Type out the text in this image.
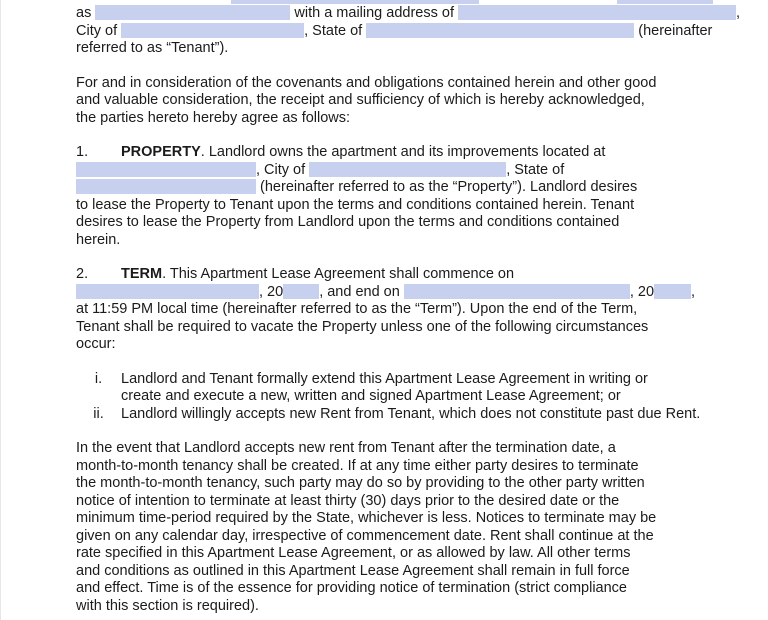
as	with a mailing address of	,
City of	, State of	(hereinafter
referred to as “Tenant”).
For and in consideration of the covenants and obligations contained herein and other good
and valuable consideration, the receipt and sufficiency of which is hereby acknowledged,
the parties hereto hereby agree as follows:
1. PROPERTY. Landlord owns the apartment and its improvements located at
, City of	, State of
(hereinafter referred to as the “Property”). Landlord desires
to lease the Property to Tenant upon the terms and conditions contained herein. Tenant
desires to lease the Property from Landlord upon the terms and conditions contained
herein.
2. TERM. This Apartment Lease Agreement shall commence on
, 20 , and end on	, 20	,
at 11:59 PM local time (hereinafter referred to as the “Term”). Upon the end of the Term,
Tenant shall be required to vacate the Property unless one of the following circumstances
occur:
i.	Landlord and Tenant formally extend this Apartment Lease Agreement in writing or create and execute a new, written and signed Apartment Lease Agreement; or
ii.	Landlord willingly accepts new Rent from Tenant, which does not constitute past due Rent.
In the event that Landlord accepts new rent from Tenant after the termination date, a
month-to-month tenancy shall be created. If at any time either party desires to terminate
the month-to-month tenancy, such party may do so by providing to the other party written
notice of intention to terminate at least thirty (30) days prior to the desired date or the
minimum time-period required by the State, whichever is less. Notices to terminate may be
given on any calendar day, irrespective of commencement date. Rent shall continue at the
rate specified in this Apartment Lease Agreement, or as allowed by law. All other terms
and conditions as outlined in this Apartment Lease Agreement shall remain in full force
and effect. Time is of the essence for providing notice of termination (strict compliance
with this section is required).
